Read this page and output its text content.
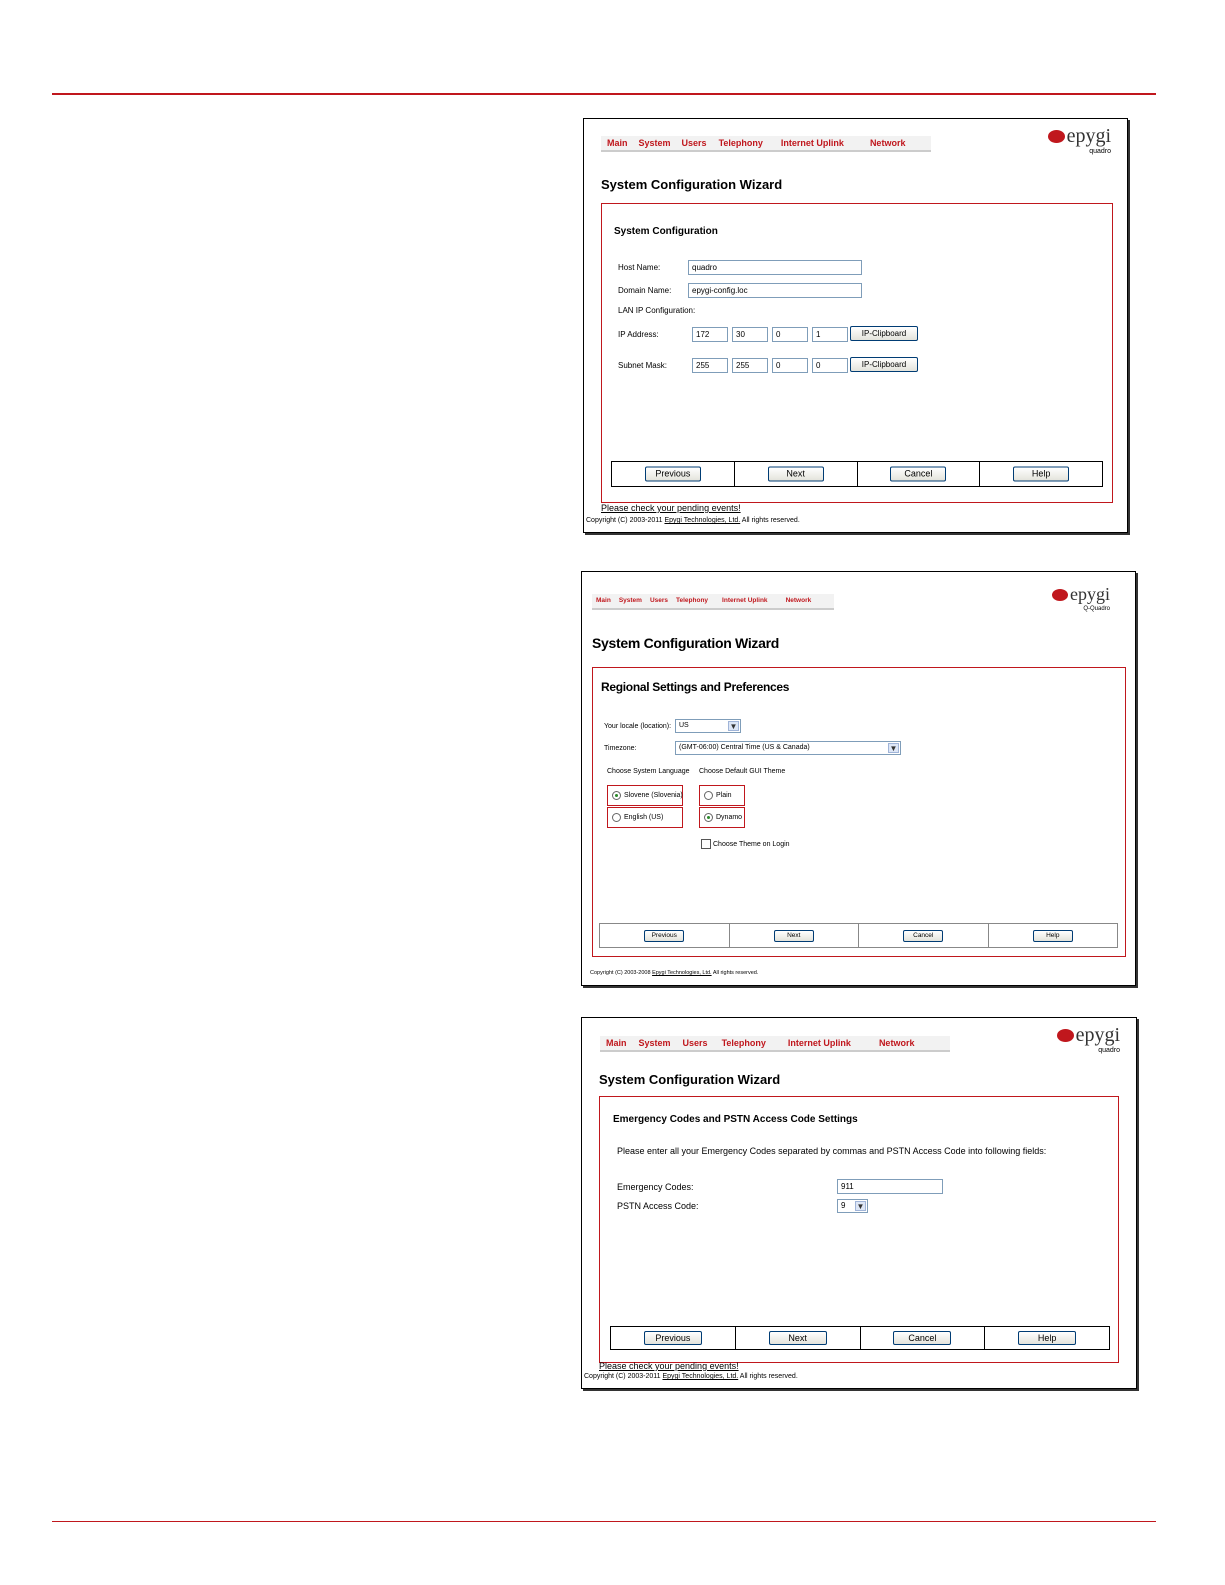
Main	System	Users	Telephony	Internet Uplink	Network	epygi
quadro
System Configuration Wizard
System Configuration
Host Name:	quadro
Domain Name:	epygi-config.loc
LAN IP Configuration:
IP Address:	172	30	0	1	IP-Clipboard
Subnet Mask:	255	255	0	0	IP-Clipboard
Previous	Next	Cancel	Help
Please check your pending events!
Copyright (C) 2003-2011 Epygi Technologies, Ltd. All rights reserved.
Main	System	Users	Telephony	Internet Uplink	Network	epygi
Q-Quadro
System Configuration Wizard
Regional Settings and Preferences
Your locale (location):	US	▼
Timezone:	(GMT-06:00) Central Time (US & Canada)	▼
Choose System Language Choose Default GUI Theme
Slovene (Slovenia)
English (US)
Plain
Dynamo
Choose Theme on Login
Previous	Next	Cancel	Help
Copyright (C) 2003-2008 Epygi Technologies, Ltd. All rights reserved.
Main	System	Users	Telephony	Internet Uplink	Network	epygi
quadro
System Configuration Wizard
Emergency Codes and PSTN Access Code Settings
Please enter all your Emergency Codes separated by commas and PSTN Access Code into following fields:
Emergency Codes:	911
PSTN Access Code:	9 ▼
Previous	Next	Cancel	Help
Please check your pending events!
Copyright (C) 2003-2011 Epygi Technologies, Ltd. All rights reserved.
